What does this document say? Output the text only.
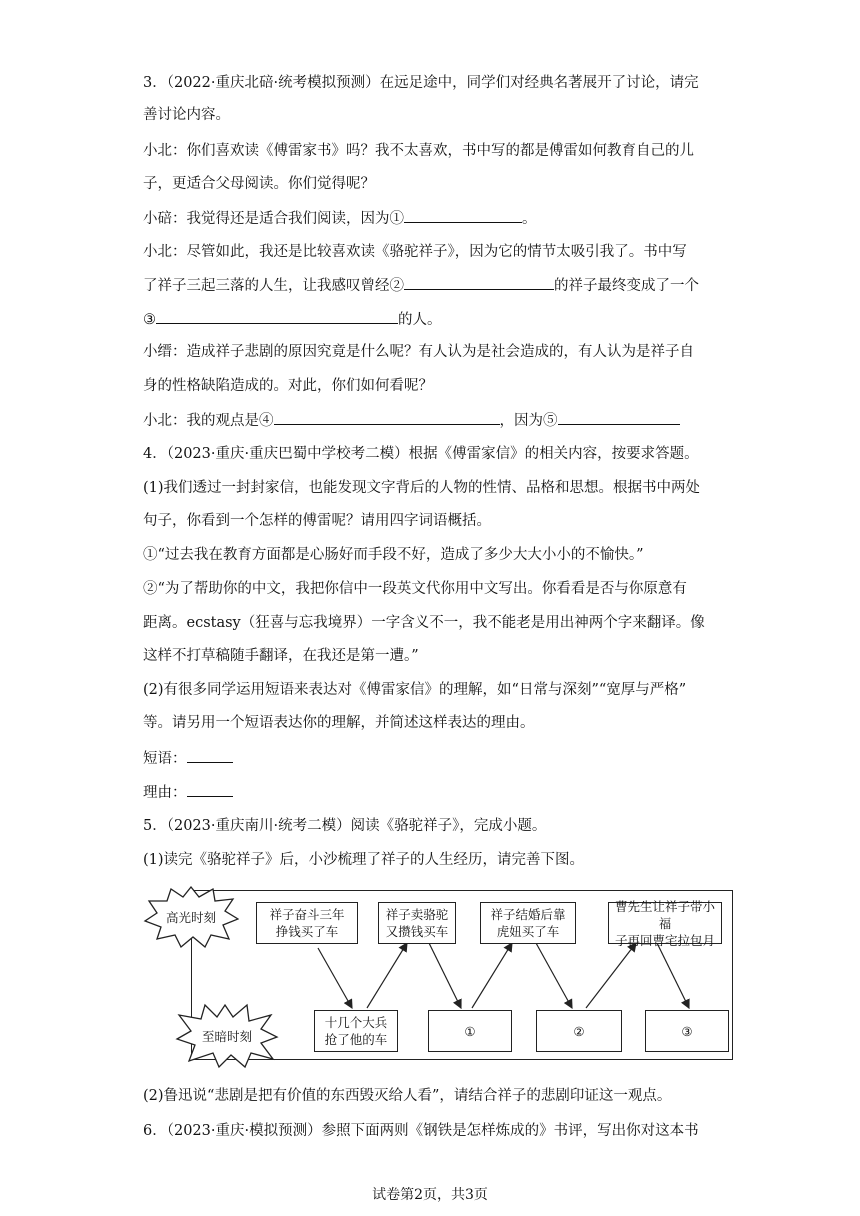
3．（2022·重庆北碚·统考模拟预测）在远足途中，同学们对经典名著展开了讨论，请完
善讨论内容。
小北：你们喜欢读《傅雷家书》吗？我不太喜欢，书中写的都是傅雷如何教育自己的儿
子，更适合父母阅读。你们觉得呢？
小碚：我觉得还是适合我们阅读，因为①	。
小北：尽管如此，我还是比较喜欢读《骆驼祥子》，因为它的情节太吸引我了。书中写
了祥子三起三落的人生，让我感叹曾经②	的祥子最终变成了一个
③	的人。
小缙：造成祥子悲剧的原因究竟是什么呢？有人认为是社会造成的，有人认为是祥子自
身的性格缺陷造成的。对此，你们如何看呢？
小北：我的观点是④	，因为⑤
4．（2023·重庆·重庆巴蜀中学校考二模）根据《傅雷家信》的相关内容，按要求答题。
(1)我们透过一封封家信，也能发现文字背后的人物的性情、品格和思想。根据书中两处
句子，你看到一个怎样的傅雷呢？请用四字词语概括。
①“过去我在教育方面都是心肠好而手段不好，造成了多少大大小小的不愉快。”
②“为了帮助你的中文，我把你信中一段英文代你用中文写出。你看看是否与你原意有
距离。ecstasy（狂喜与忘我境界）一字含义不一，我不能老是用出神两个字来翻译。像
这样不打草稿随手翻译，在我还是第一遭。”
(2)有很多同学运用短语来表达对《傅雷家信》的理解，如“日常与深刻”“宽厚与严格”
等。请另用一个短语表达你的理解，并简述这样表达的理由。
短语：
理由：
5．（2023·重庆南川·统考二模）阅读《骆驼祥子》，完成小题。
(1)读完《骆驼祥子》后，小沙梳理了祥子的人生经历，请完善下图。
高光时刻
至暗时刻
祥子奋斗三年
挣钱买了车
祥子卖骆驼
又攒钱买车
祥子结婚后靠
虎妞买了车
曹先生让祥子带小福
子再回曹宅拉包月
十几个大兵
抢了他的车
①	②	③
(2)鲁迅说“悲剧是把有价值的东西毁灭给人看”，请结合祥子的悲剧印证这一观点。
6．（2023·重庆·模拟预测）参照下面两则《钢铁是怎样炼成的》书评，写出你对这本书
试卷第2页，共3页
